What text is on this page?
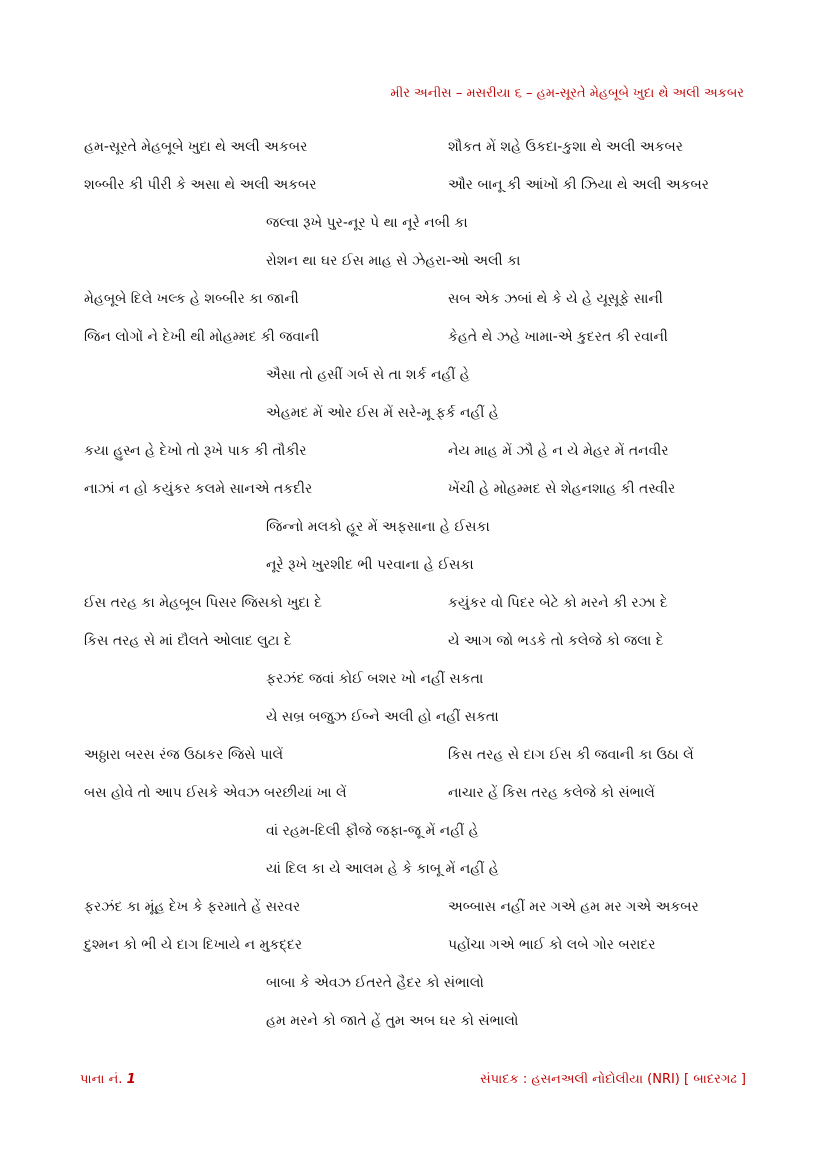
મીર અનીસ – મસરીયા ૬ – હમ-સૂરતે મેહબૂબે ખુદા થે અલી અકબર
હમ-સૂરતે મેહબૂબે ખુદા થે અલી અકબર	શૌકત મેં શહે ઉકદા-કુશા થે અલી અકબર
શબ્બીર કી પીરી કે અસા થે અલી અકબર	ઔર બાનૂ કી આંખોં કી ઝિયા થે અલી અકબર
જલ્વા રૂખે પુર-નૂર પે થા નૂરે નબી કા
રોશન થા ઘર ઈસ માહ સે ઝેહરા-ઓ અલી કા
મેહબૂબે દિલે ખલ્ક હે શબ્બીર કા જાની	સબ એક ઝબાં થે કે યે હે યૂસૂફે સાની
જિન લોગોં ને દેખી થી મોહમ્મદ કી જવાની	કેહતે થે ઝહે ખામા-એ કુદરત કી રવાની
ઐસા તો હસીં ગર્બ સે તા શર્ક નહીં હે
એહમદ મેં ઓર ઈસ મેં સરે-મૂ ફર્ક નહીં હે
કયા હુસ્ન હે દેખો તો રૂખે પાક કી તૌકીર	નેય માહ મેં ઝૌ હે ન યે મેહર મેં તનવીર
નાઝાં ન હો કયુંકર કલમે સાનએ તકદીર	ખેંચી હે મોહમ્મદ સે શેહનશાહ કી તસ્વીર
જિન્નો મલકો હૂર મેં અફસાના હે ઈસકા
નૂરે રૂખે ખુરશીદ ભી પરવાના હે ઈસકા
ઈસ તરહ કા મેહબૂબ પિસર જિસકો ખુદા દે	કયુંકર વો પિદર બેટે કો મરને કી રઝા દે
કિસ તરહ સે માં દૌલતે ઓલાદ લુટા દે	યે આગ જો ભડકે તો કલેજે કો જલા દે
ફરઝંદ જવાં કોઈ બશર ખો નહીં સકતા
યે સબ્ર બજુઝ ઈબ્ને અલી હો નહીં સકતા
અઠ્ઠારા બરસ રંજ ઉઠાકર જિસે પાલેં	કિસ તરહ સે દાગ ઈસ કી જવાની કા ઉઠા લેં
બસ હોવે તો આપ ઈસકે એવઝ બરછીયાં ખા લેં	નાચાર હેં કિસ તરહ કલેજે કો સંભાલેં
વાં રહમ-દિલી ફૌજે જફા-જૂ મેં નહીં હે
યાં દિલ કા યે આલમ હે કે કાબૂ મેં નહીં હે
ફરઝંદ કા મૂંહ દેખ કે ફરમાતે હેં સરવર	અબ્બાસ નહીં મર ગએ હમ મર ગએ અકબર
દુશ્મન કો ભી યે દાગ દિખાયે ન મુકદ્દર	પહોંચા ગએ ભાઈ કો લબે ગોર બરાદર
બાબા કે એવઝ ઈતરતે હૈદર કો સંભાલો
હમ મરને કો જાતે હેં તુમ અબ ઘર કો સંભાલો
પાના નં. 1	સંપાદક : હસનઅલી નોદોલીયા (NRI) [ બાદરગઢ ]
